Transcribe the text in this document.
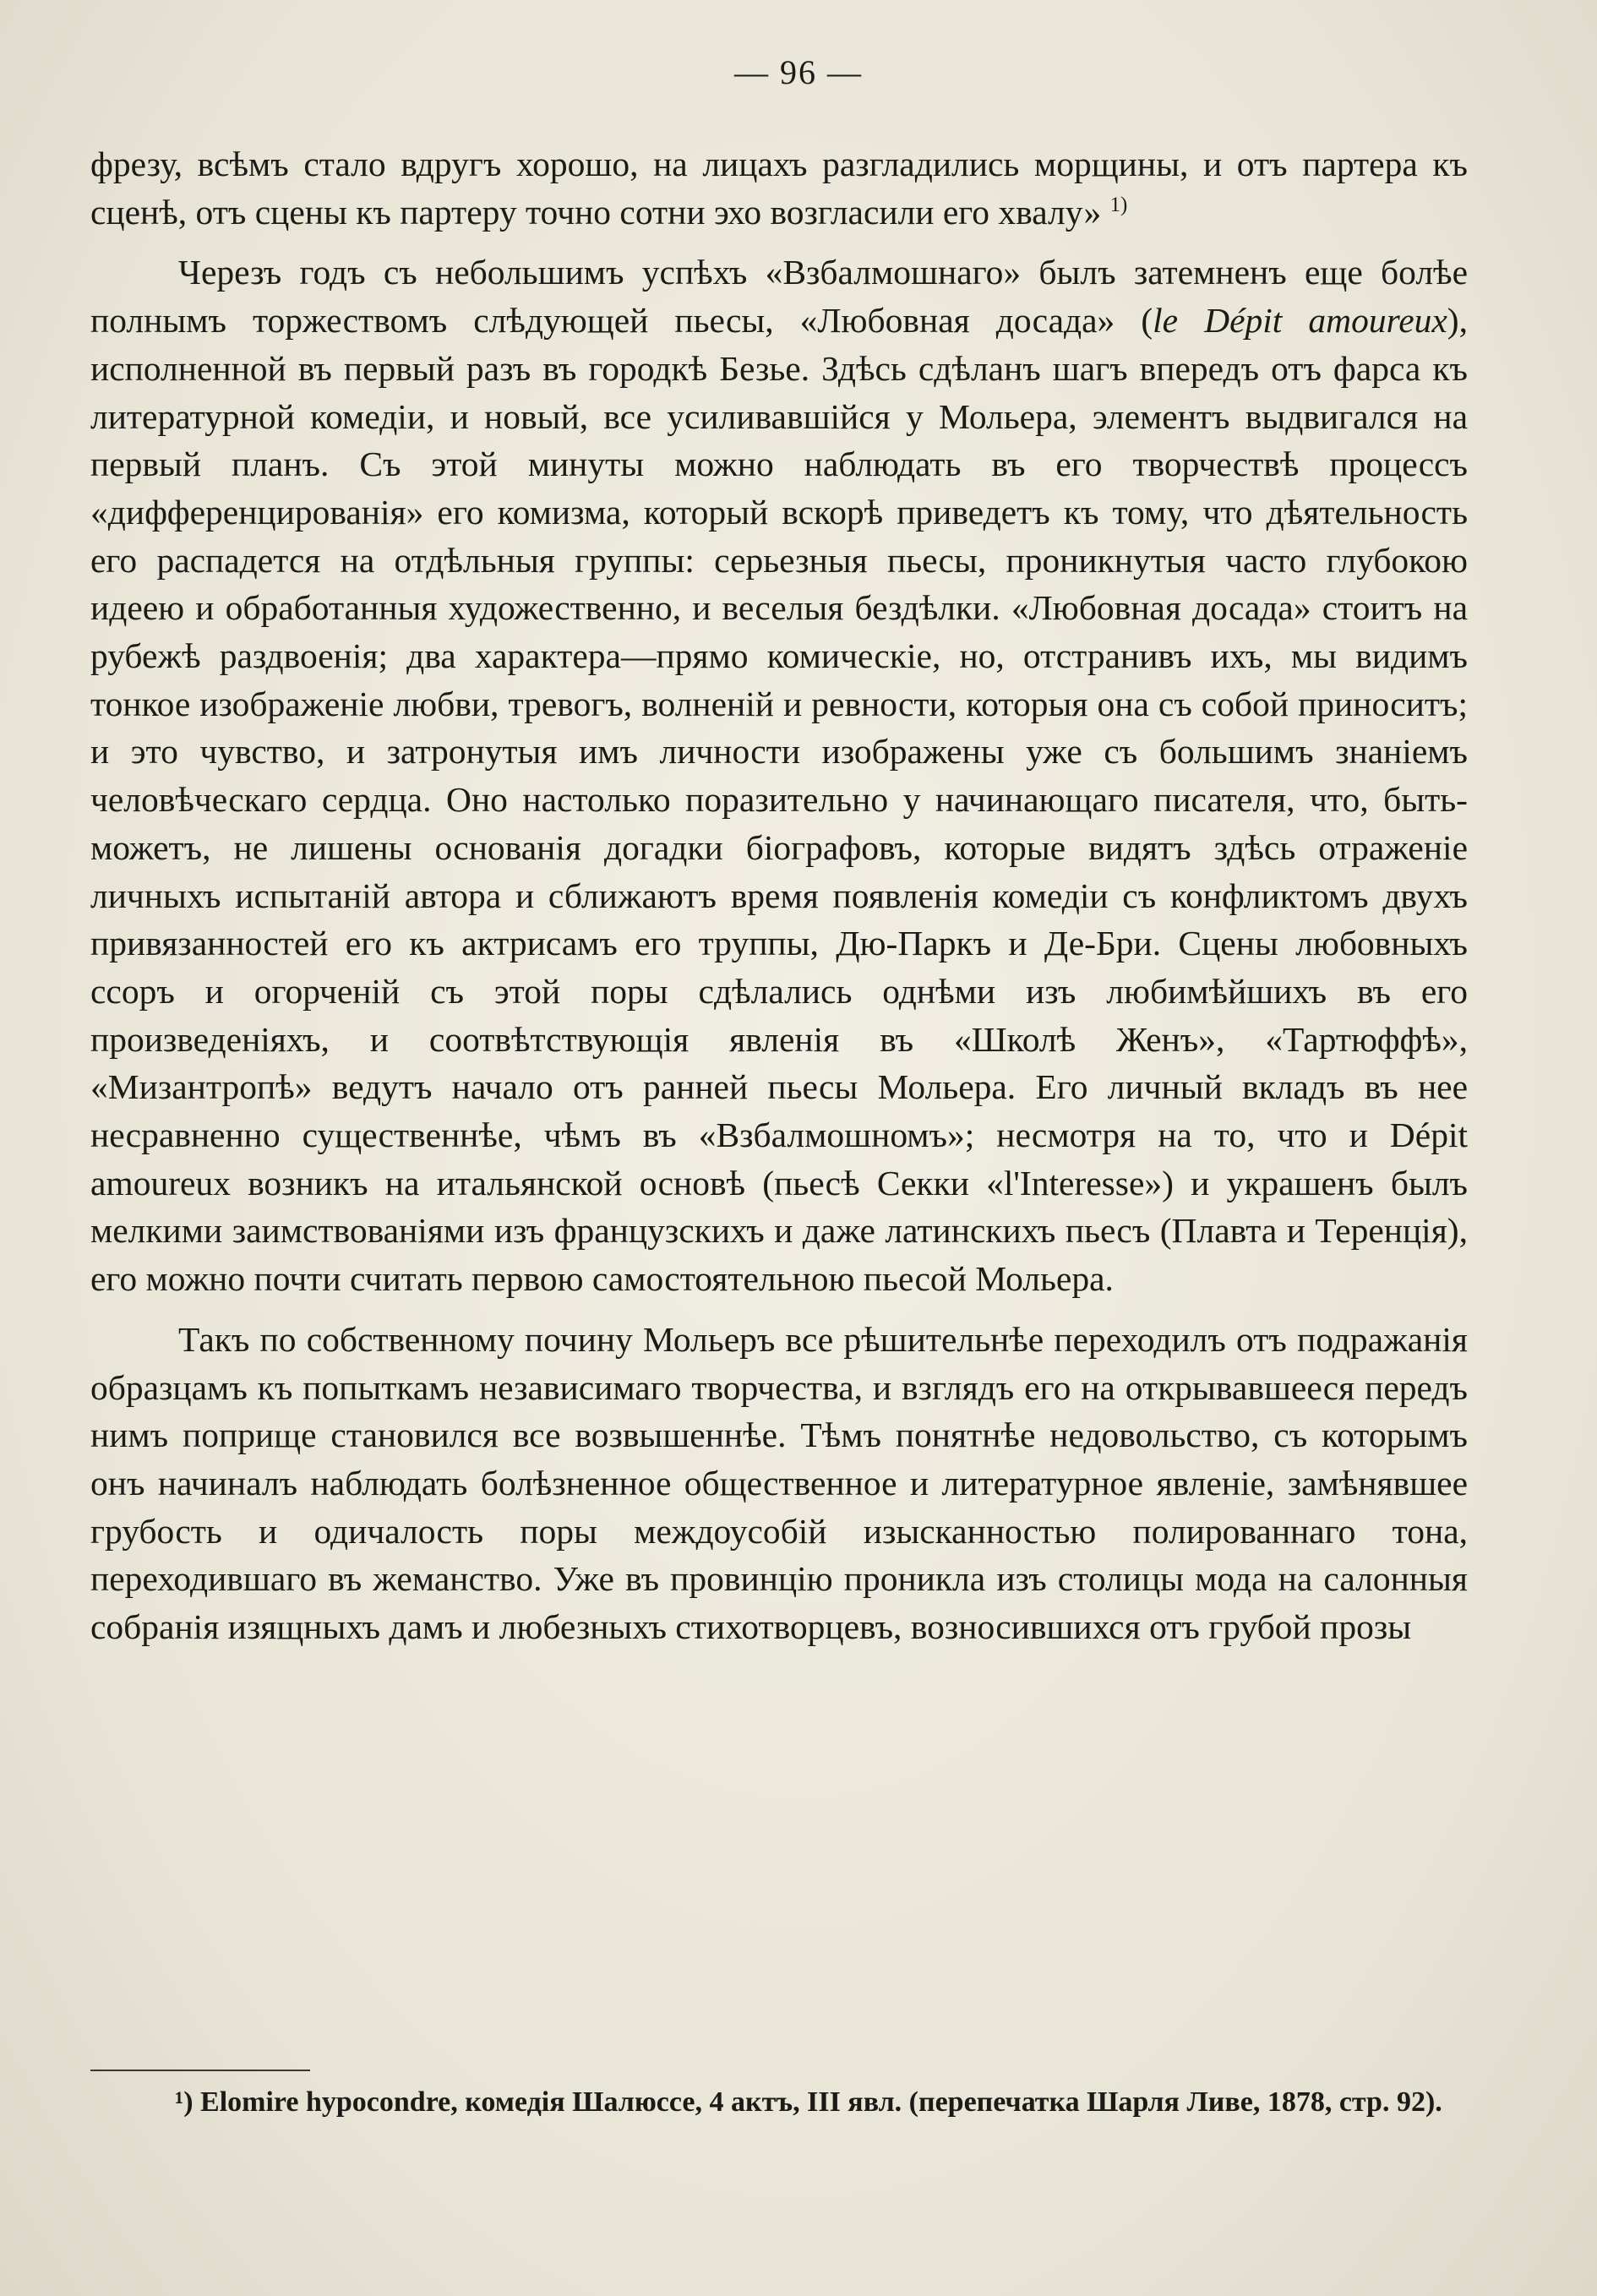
— 96 —

фрезу, всѣмъ стало вдругъ хорошо, на лицахъ разгладились морщины, и отъ партера къ сценѣ, отъ сцены къ партеру точно сотни эхо возгласили его хвалу» $^{1)}$

Черезъ годъ съ небольшимъ успѣхъ «Взбалмошнаго» былъ затемненъ еще болѣе полнымъ торжествомъ слѣдующей пьесы, «Любовная досада» (le Dépit amoureux), исполненной въ первый разъ въ городкѣ Безье. Здѣсь сдѣланъ шагъ впередъ отъ фарса къ литературной комедіи, и новый, все усиливавшійся у Мольера, элементъ выдвигался на первый планъ. Съ этой минуты можно наблюдать въ его творчествѣ процессъ «дифференцированія» его комизма, который вскорѣ приведетъ къ тому, что дѣятельность его распадется на отдѣльныя группы: серьезныя пьесы, проникнутыя часто глубокою идеею и обработанныя художественно, и веселыя бездѣлки. «Любовная досада» стоитъ на рубежѣ раздвоенія; два характера—прямо комическіе, но, отстранивъ ихъ, мы видимъ тонкое изображеніе любви, тревогъ, волненій и ревности, которыя она съ собой приноситъ; и это чувство, и затронутыя имъ личности изображены уже съ большимъ знаніемъ человѣческаго сердца. Оно настолько поразительно у начинающаго писателя, что, быть-можетъ, не лишены основанія догадки біографовъ, которые видятъ здѣсь отраженіе личныхъ испытаній автора и сближаютъ время появленія комедіи съ конфликтомъ двухъ привязанностей его къ актрисамъ его труппы, Дю-Паркъ и Де-Бри. Сцены любовныхъ ссоръ и огорченій съ этой поры сдѣлались однѣми изъ любимѣйшихъ въ его произведеніяхъ, и соотвѣтствующія явленія въ «Школѣ Женъ», «Тартюффѣ», «Мизантропѣ» ведутъ начало отъ ранней пьесы Мольера. Его личный вкладъ въ нее несравненно существеннѣе, чѣмъ въ «Взбалмошномъ»; несмотря на то, что и Dépit amoureux возникъ на итальянской основѣ (пьесѣ Секки «l'Interesse») и украшенъ былъ мелкими заимствованіями изъ французскихъ и даже латинскихъ пьесъ (Плавта и Теренція), его можно почти считать первою самостоятельною пьесой Мольера.

Такъ по собственному почину Мольеръ все рѣшительнѣе переходилъ отъ подражанія образцамъ къ попыткамъ независимаго творчества, и взглядъ его на открывавшееся передъ нимъ поприще становился все возвышеннѣе. Тѣмъ понятнѣе недовольство, съ которымъ онъ начиналъ наблюдать болѣзненное общественное и литературное явленіе, замѣнявшее грубость и одичалость поры междоусобій изысканностью полированнаго тона, переходившаго въ жеманство. Уже въ провинцію проникла изъ столицы мода на салонныя собранія изящныхъ дамъ и любезныхъ стихотворцевъ, возносившихся отъ грубой прозы

¹) Elomire hypocondre, комедія Шалюссе, 4 актъ, III явл. (перепечатка Шарля Ливе, 1878, стр. 92).
